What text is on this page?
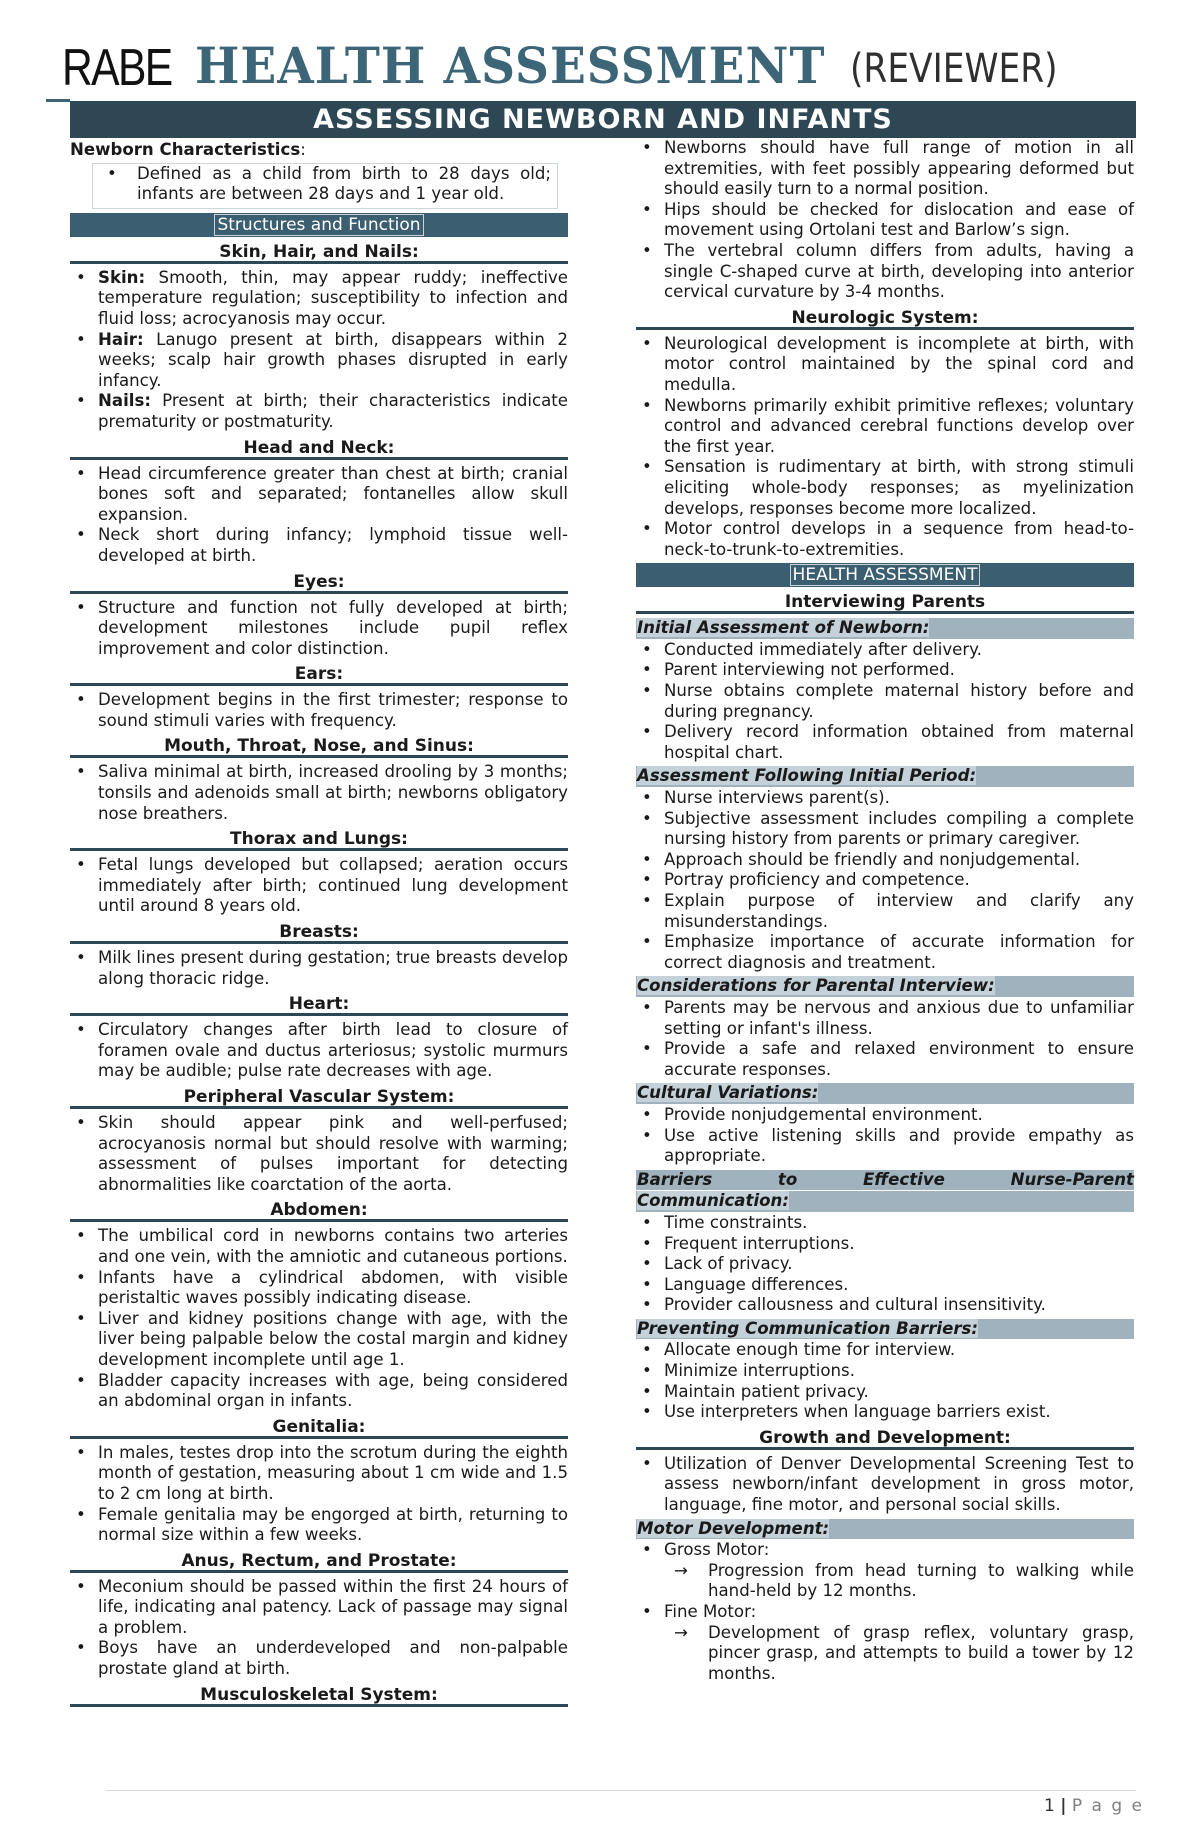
RABE HEALTH ASSESSMENT (REVIEWER)
ASSESSING NEWBORN AND INFANTS
Newborn Characteristics:
• Defined as a child from birth to 28 days old; infants are between 28 days and 1 year old.
Structures and Function
Skin, Hair, and Nails:
• Skin: Smooth, thin, may appear ruddy; ineffective temperature regulation; susceptibility to infection and fluid loss; acrocyanosis may occur.
• Hair: Lanugo present at birth, disappears within 2 weeks; scalp hair growth phases disrupted in early infancy.
• Nails: Present at birth; their characteristics indicate prematurity or postmaturity.
Head and Neck:
• Head circumference greater than chest at birth; cranial bones soft and separated; fontanelles allow skull expansion.
• Neck short during infancy; lymphoid tissue well-developed at birth.
Eyes:
• Structure and function not fully developed at birth; development milestones include pupil reflex improvement and color distinction.
Ears:
• Development begins in the first trimester; response to sound stimuli varies with frequency.
Mouth, Throat, Nose, and Sinus:
• Saliva minimal at birth, increased drooling by 3 months; tonsils and adenoids small at birth; newborns obligatory nose breathers.
Thorax and Lungs:
• Fetal lungs developed but collapsed; aeration occurs immediately after birth; continued lung development until around 8 years old.
Breasts:
• Milk lines present during gestation; true breasts develop along thoracic ridge.
Heart:
• Circulatory changes after birth lead to closure of foramen ovale and ductus arteriosus; systolic murmurs may be audible; pulse rate decreases with age.
Peripheral Vascular System:
• Skin should appear pink and well-perfused; acrocyanosis normal but should resolve with warming; assessment of pulses important for detecting abnormalities like coarctation of the aorta.
Abdomen:
• The umbilical cord in newborns contains two arteries and one vein, with the amniotic and cutaneous portions.
• Infants have a cylindrical abdomen, with visible peristaltic waves possibly indicating disease.
• Liver and kidney positions change with age, with the liver being palpable below the costal margin and kidney development incomplete until age 1.
• Bladder capacity increases with age, being considered an abdominal organ in infants.
Genitalia:
• In males, testes drop into the scrotum during the eighth month of gestation, measuring about 1 cm wide and 1.5 to 2 cm long at birth.
• Female genitalia may be engorged at birth, returning to normal size within a few weeks.
Anus, Rectum, and Prostate:
• Meconium should be passed within the first 24 hours of life, indicating anal patency. Lack of passage may signal a problem.
• Boys have an underdeveloped and non-palpable prostate gland at birth.
Musculoskeletal System:
• Newborns should have full range of motion in all extremities, with feet possibly appearing deformed but should easily turn to a normal position.
• Hips should be checked for dislocation and ease of movement using Ortolani test and Barlow’s sign.
• The vertebral column differs from adults, having a single C-shaped curve at birth, developing into anterior cervical curvature by 3-4 months.
Neurologic System:
• Neurological development is incomplete at birth, with motor control maintained by the spinal cord and medulla.
• Newborns primarily exhibit primitive reflexes; voluntary control and advanced cerebral functions develop over the first year.
• Sensation is rudimentary at birth, with strong stimuli eliciting whole-body responses; as myelinization develops, responses become more localized.
• Motor control develops in a sequence from head-to-neck-to-trunk-to-extremities.
HEALTH ASSESSMENT
Interviewing Parents
Initial Assessment of Newborn:
• Conducted immediately after delivery.
• Parent interviewing not performed.
• Nurse obtains complete maternal history before and during pregnancy.
• Delivery record information obtained from maternal hospital chart.
Assessment Following Initial Period:
• Nurse interviews parent(s).
• Subjective assessment includes compiling a complete nursing history from parents or primary caregiver.
• Approach should be friendly and nonjudgemental.
• Portray proficiency and competence.
• Explain purpose of interview and clarify any misunderstandings.
• Emphasize importance of accurate information for correct diagnosis and treatment.
Considerations for Parental Interview:
• Parents may be nervous and anxious due to unfamiliar setting or infant's illness.
• Provide a safe and relaxed environment to ensure accurate responses.
Cultural Variations:
• Provide nonjudgemental environment.
• Use active listening skills and provide empathy as appropriate.
Barriers	to	Effective	Nurse-Parent
Communication:
• Time constraints.
• Frequent interruptions.
• Lack of privacy.
• Language differences.
• Provider callousness and cultural insensitivity.
Preventing Communication Barriers:
• Allocate enough time for interview.
• Minimize interruptions.
• Maintain patient privacy.
• Use interpreters when language barriers exist.
Growth and Development:
• Utilization of Denver Developmental Screening Test to assess newborn/infant development in gross motor, language, fine motor, and personal social skills.
Motor Development:
• Gross Motor:
→ Progression from head turning to walking while hand-held by 12 months.
• Fine Motor:
→ Development of grasp reflex, voluntary grasp, pincer grasp, and attempts to build a tower by 12 months.
1 | P a g e
